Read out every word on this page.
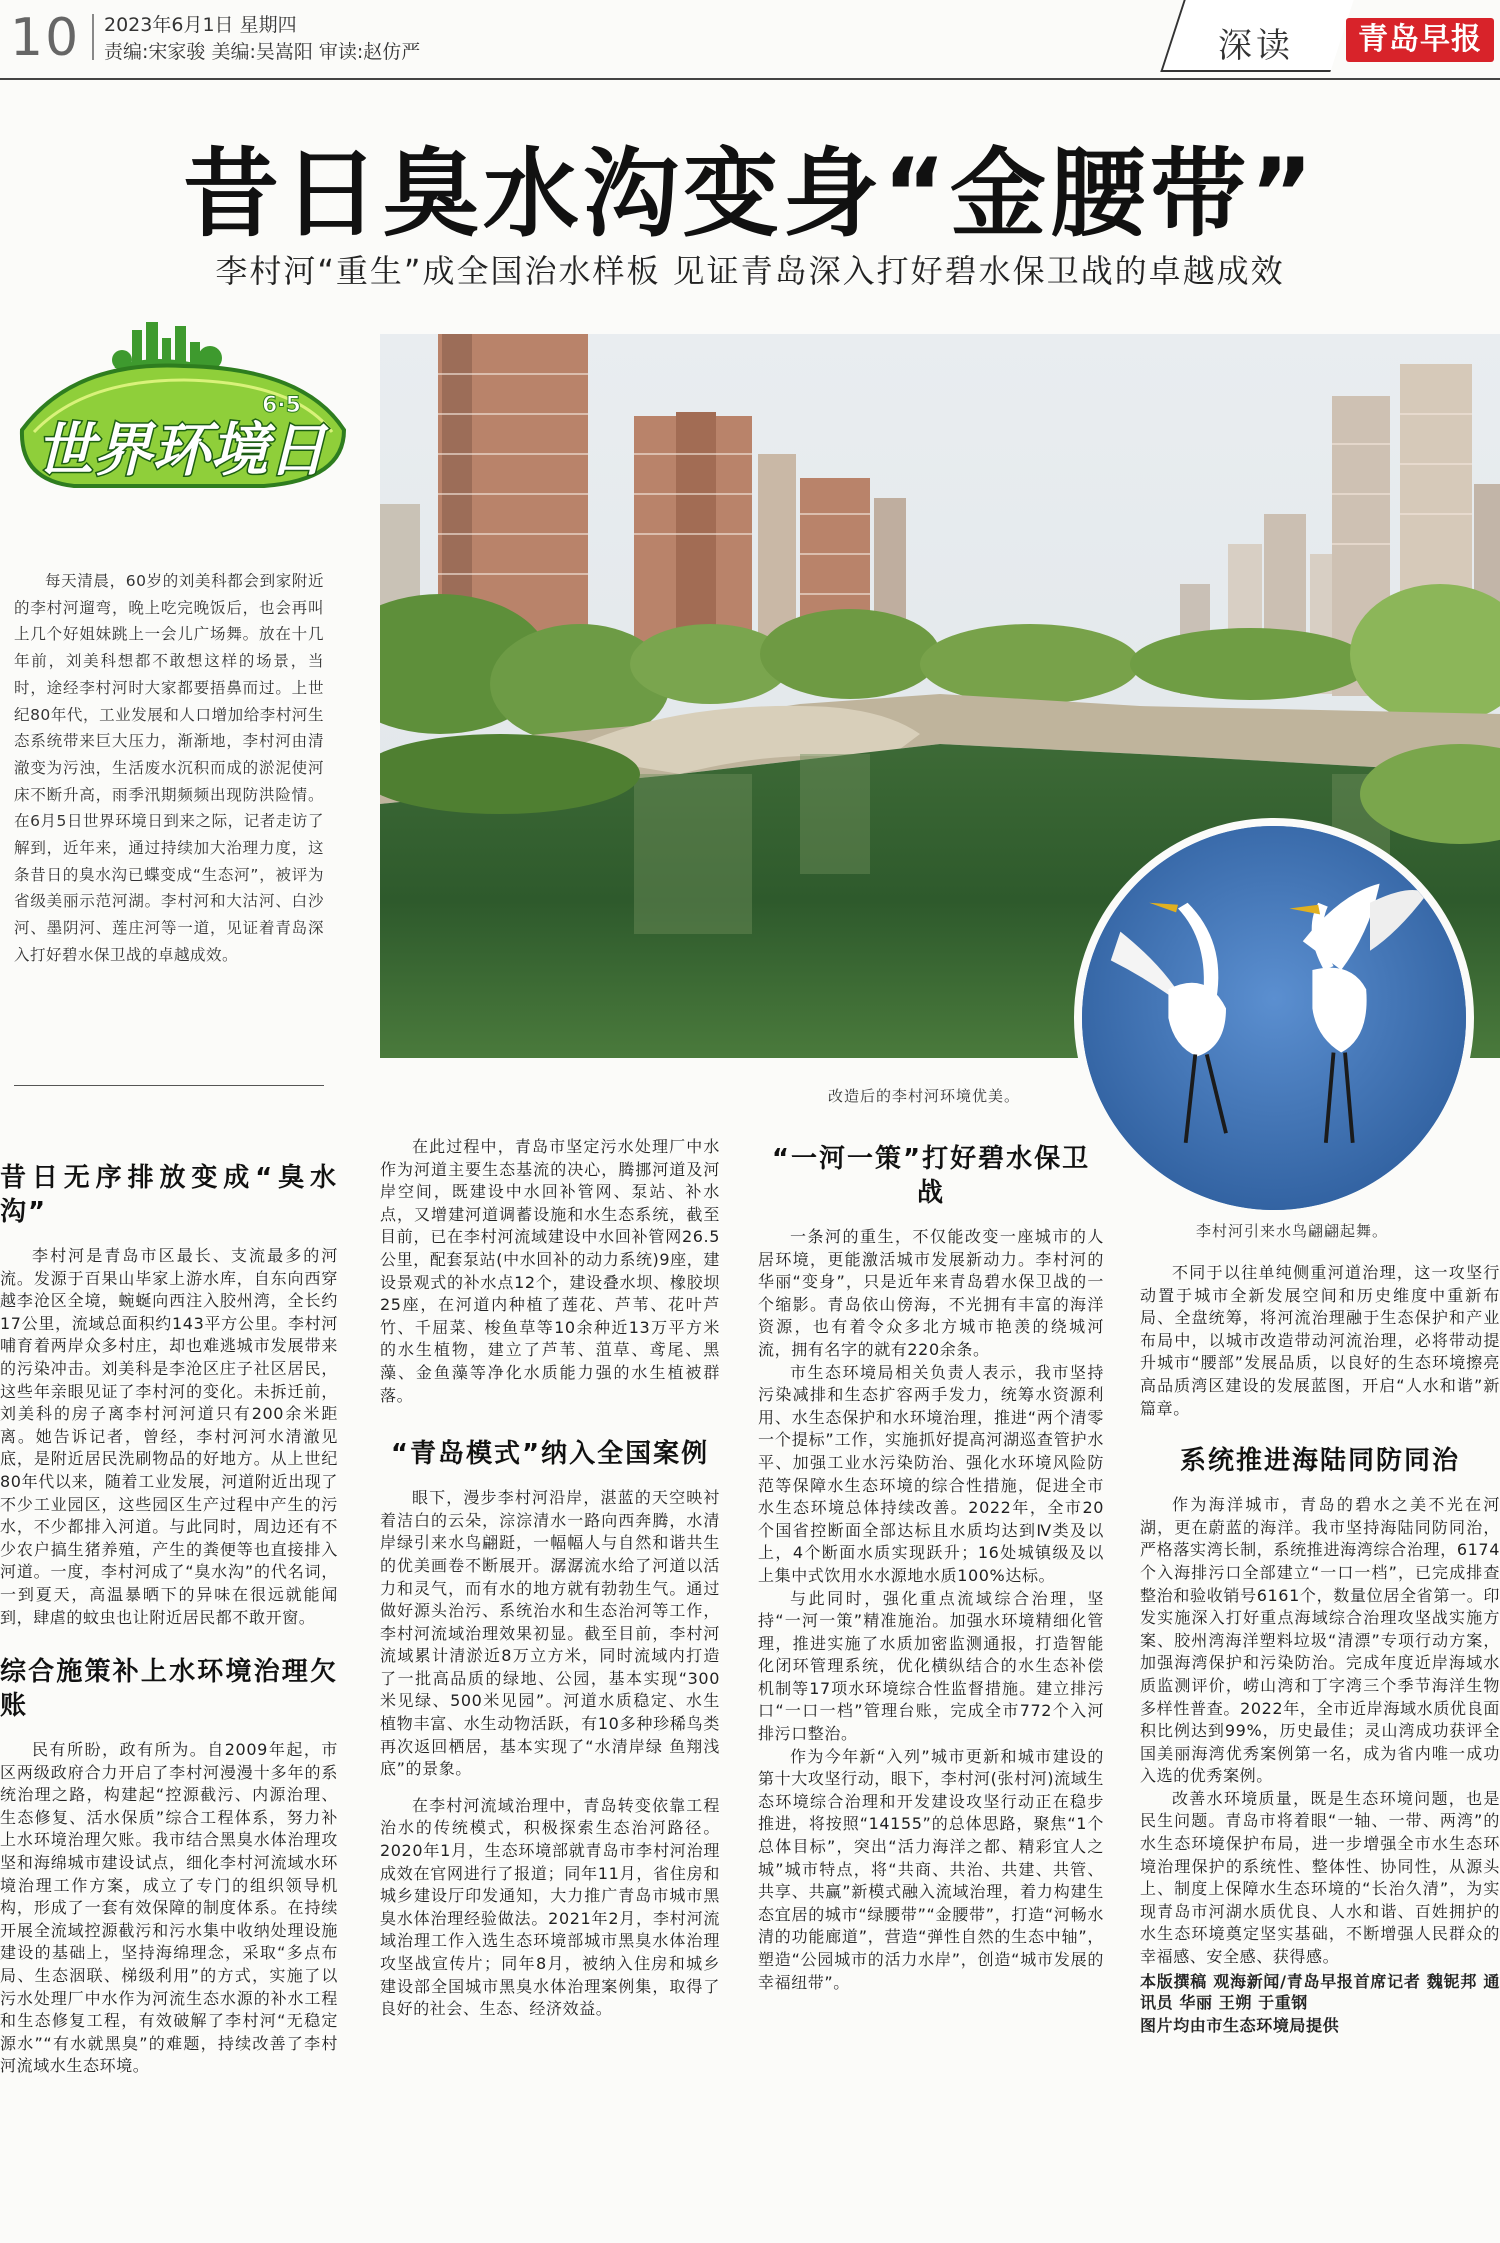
10 2023年6月1日 星期四
责编:宋家骏 美编:吴嵩阳 审读:赵仿严	深读	青岛早报
昔日臭水沟变身“金腰带”
李村河“重生”成全国治水样板 见证青岛深入打好碧水保卫战的卓越成效
6·5
世界环境日

每天清晨，60岁的刘美科都会到家附近的李村河遛弯，晚上吃完晚饭后，也会再叫上几个好姐妹跳上一会儿广场舞。放在十几年前，刘美科想都不敢想这样的场景，当时，途经李村河时大家都要捂鼻而过。上世纪80年代，工业发展和人口增加给李村河生态系统带来巨大压力，渐渐地，李村河由清澈变为污浊，生活废水沉积而成的淤泥使河床不断升高，雨季汛期频频出现防洪险情。在6月5日世界环境日到来之际，记者走访了解到，近年来，通过持续加大治理力度，这条昔日的臭水沟已蝶变成“生态河”，被评为省级美丽示范河湖。李村河和大沽河、白沙河、墨阴河、莲庄河等一道，见证着青岛深入打好碧水保卫战的卓越成效。

改造后的李村河环境优美。
李村河引来水鸟翩翩起舞。
昔日无序排放变成“臭水沟”

李村河是青岛市区最长、支流最多的河流。发源于百果山毕家上游水库，自东向西穿越李沧区全境，蜿蜒向西注入胶州湾，全长约17公里，流域总面积约143平方公里。李村河哺育着两岸众多村庄，却也难逃城市发展带来的污染冲击。刘美科是李沧区庄子社区居民，这些年亲眼见证了李村河的变化。未拆迁前，刘美科的房子离李村河河道只有200余米距离。她告诉记者，曾经，李村河河水清澈见底，是附近居民洗刷物品的好地方。从上世纪80年代以来，随着工业发展，河道附近出现了不少工业园区，这些园区生产过程中产生的污水，不少都排入河道。与此同时，周边还有不少农户搞生猪养殖，产生的粪便等也直接排入河道。一度，李村河成了“臭水沟”的代名词，一到夏天，高温暴晒下的异味在很远就能闻到，肆虐的蚊虫也让附近居民都不敢开窗。

综合施策补上水环境治理欠账

民有所盼，政有所为。自2009年起，市区两级政府合力开启了李村河漫漫十多年的系统治理之路，构建起“控源截污、内源治理、生态修复、活水保质”综合工程体系，努力补上水环境治理欠账。我市结合黑臭水体治理攻坚和海绵城市建设试点，细化李村河流域水环境治理工作方案，成立了专门的组织领导机构，形成了一套有效保障的制度体系。在持续开展全流域控源截污和污水集中收纳处理设施建设的基础上，坚持海绵理念，采取“多点布局、生态洇联、梯级利用”的方式，实施了以污水处理厂中水作为河流生态水源的补水工程和生态修复工程，有效破解了李村河“无稳定源水”“有水就黑臭”的难题，持续改善了李村河流域水生态环境。

在此过程中，青岛市坚定污水处理厂中水作为河道主要生态基流的决心，腾挪河道及河岸空间，既建设中水回补管网、泵站、补水点，又增建河道调蓄设施和水生态系统，截至目前，已在李村河流域建设中水回补管网26.5公里，配套泵站(中水回补的动力系统)9座，建设景观式的补水点12个，建设叠水坝、橡胶坝25座，在河道内种植了莲花、芦苇、花叶芦竹、千屈菜、梭鱼草等10余种近13万平方米的水生植物，建立了芦苇、菹草、鸢尾、黑藻、金鱼藻等净化水质能力强的水生植被群落。

“青岛模式”纳入全国案例

眼下，漫步李村河沿岸，湛蓝的天空映衬着洁白的云朵，淙淙清水一路向西奔腾，水清岸绿引来水鸟翩跹，一幅幅人与自然和谐共生的优美画卷不断展开。潺潺流水给了河道以活力和灵气，而有水的地方就有勃勃生气。通过做好源头治污、系统治水和生态治河等工作，李村河流域治理效果初显。截至目前，李村河流域累计清淤近8万立方米，同时流域内打造了一批高品质的绿地、公园，基本实现“300米见绿、500米见园”。河道水质稳定、水生植物丰富、水生动物活跃，有10多种珍稀鸟类再次返回栖居，基本实现了“水清岸绿 鱼翔浅底”的景象。

在李村河流域治理中，青岛转变依靠工程治水的传统模式，积极探索生态治河路径。2020年1月，生态环境部就青岛市李村河治理成效在官网进行了报道；同年11月，省住房和城乡建设厅印发通知，大力推广青岛市城市黑臭水体治理经验做法。2021年2月，李村河流域治理工作入选生态环境部城市黑臭水体治理攻坚战宣传片；同年8月，被纳入住房和城乡建设部全国城市黑臭水体治理案例集，取得了良好的社会、生态、经济效益。

“一河一策”打好碧水保卫战

一条河的重生，不仅能改变一座城市的人居环境，更能激活城市发展新动力。李村河的华丽“变身”，只是近年来青岛碧水保卫战的一个缩影。青岛依山傍海，不光拥有丰富的海洋资源，也有着令众多北方城市艳羡的绕城河流，拥有名字的就有220余条。

市生态环境局相关负责人表示，我市坚持污染减排和生态扩容两手发力，统筹水资源利用、水生态保护和水环境治理，推进“两个清零一个提标”工作，实施抓好提高河湖巡查管护水平、加强工业水污染防治、强化水环境风险防范等保障水生态环境的综合性措施，促进全市水生态环境总体持续改善。2022年，全市20个国省控断面全部达标且水质均达到Ⅳ类及以上，4个断面水质实现跃升；16处城镇级及以上集中式饮用水水源地水质100%达标。

与此同时，强化重点流域综合治理，坚持“一河一策”精准施治。加强水环境精细化管理，推进实施了水质加密监测通报，打造智能化闭环管理系统，优化横纵结合的水生态补偿机制等17项水环境综合性监督措施。建立排污口“一口一档”管理台账，完成全市772个入河排污口整治。

作为今年新“入列”城市更新和城市建设的第十大攻坚行动，眼下，李村河(张村河)流域生态环境综合治理和开发建设攻坚行动正在稳步推进，将按照“14155”的总体思路，聚焦“1个总体目标”，突出“活力海洋之都、精彩宜人之城”城市特点，将“共商、共治、共建、共管、共享、共赢”新模式融入流域治理，着力构建生态宜居的城市“绿腰带”“金腰带”，打造“河畅水清的功能廊道”，营造“弹性自然的生态中轴”，塑造“公园城市的活力水岸”，创造“城市发展的幸福纽带”。

不同于以往单纯侧重河道治理，这一攻坚行动置于城市全新发展空间和历史维度中重新布局、全盘统筹，将河流治理融于生态保护和产业布局中，以城市改造带动河流治理，必将带动提升城市“腰部”发展品质，以良好的生态环境擦亮高品质湾区建设的发展蓝图，开启“人水和谐”新篇章。

系统推进海陆同防同治

作为海洋城市，青岛的碧水之美不光在河湖，更在蔚蓝的海洋。我市坚持海陆同防同治，严格落实湾长制，系统推进海湾综合治理，6174个入海排污口全部建立“一口一档”，已完成排查整治和验收销号6161个，数量位居全省第一。印发实施深入打好重点海域综合治理攻坚战实施方案、胶州湾海洋塑料垃圾“清漂”专项行动方案，加强海湾保护和污染防治。完成年度近岸海域水质监测评价，崂山湾和丁字湾三个季节海洋生物多样性普查。2022年，全市近岸海域水质优良面积比例达到99%，历史最佳；灵山湾成功获评全国美丽海湾优秀案例第一名，成为省内唯一成功入选的优秀案例。

改善水环境质量，既是生态环境问题，也是民生问题。青岛市将着眼“一轴、一带、两湾”的水生态环境保护布局，进一步增强全市水生态环境治理保护的系统性、整体性、协同性，从源头上、制度上保障水生态环境的“长治久清”，为实现青岛市河湖水质优良、人水和谐、百姓拥护的水生态环境奠定坚实基础，不断增强人民群众的幸福感、安全感、获得感。

本版撰稿 观海新闻/青岛早报首席记者 魏铌邦 通讯员 华丽 王朔 于重钢

图片均由市生态环境局提供
